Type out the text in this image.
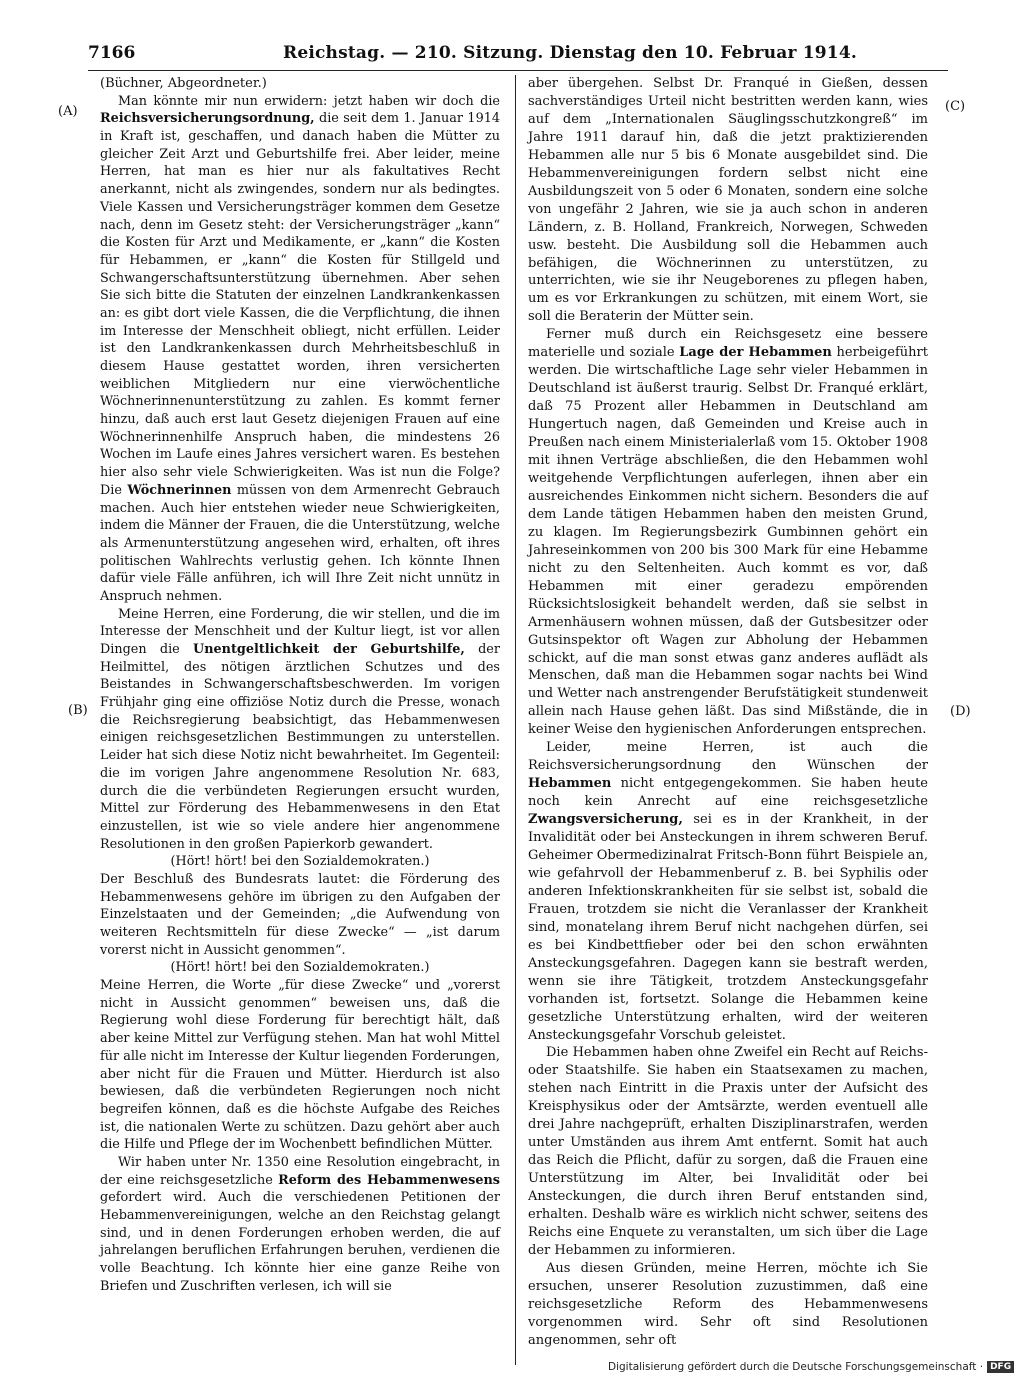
7166	Reichstag. — 210. Sitzung. Dienstag den 10. Februar 1914.
(A)
(B)
(C)
(D)

(Büchner, Abgeordneter.)

Man könnte mir nun erwidern: jetzt haben wir doch die Reichsversicherungsordnung, die seit dem 1. Januar 1914 in Kraft ist, geschaffen, und danach haben die Mütter zu gleicher Zeit Arzt und Geburtshilfe frei. Aber leider, meine Herren, hat man es hier nur als fakultatives Recht anerkannt, nicht als zwingendes, sondern nur als bedingtes. Viele Kassen und Versicherungsträger kommen dem Gesetze nach, denn im Gesetz steht: der Versicherungsträger „kann“ die Kosten für Arzt und Medikamente, er „kann“ die Kosten für Hebammen, er „kann“ die Kosten für Stillgeld und Schwangerschaftsunterstützung übernehmen. Aber sehen Sie sich bitte die Statuten der einzelnen Landkrankenkassen an: es gibt dort viele Kassen, die die Verpflichtung, die ihnen im Interesse der Menschheit obliegt, nicht erfüllen. Leider ist den Landkrankenkassen durch Mehrheitsbeschluß in diesem Hause gestattet worden, ihren versicherten weiblichen Mitgliedern nur eine vierwöchentliche Wöchnerinnenunterstützung zu zahlen. Es kommt ferner hinzu, daß auch erst laut Gesetz diejenigen Frauen auf eine Wöchnerinnenhilfe Anspruch haben, die mindestens 26 Wochen im Laufe eines Jahres versichert waren. Es bestehen hier also sehr viele Schwierigkeiten. Was ist nun die Folge? Die Wöchnerinnen müssen von dem Armenrecht Gebrauch machen. Auch hier entstehen wieder neue Schwierigkeiten, indem die Männer der Frauen, die die Unterstützung, welche als Armenunterstützung angesehen wird, erhalten, oft ihres politischen Wahlrechts verlustig gehen. Ich könnte Ihnen dafür viele Fälle anführen, ich will Ihre Zeit nicht unnütz in Anspruch nehmen.

Meine Herren, eine Forderung, die wir stellen, und die im Interesse der Menschheit und der Kultur liegt, ist vor allen Dingen die Unentgeltlichkeit der Geburtshilfe, der Heilmittel, des nötigen ärztlichen Schutzes und des Beistandes in Schwangerschaftsbeschwerden. Im vorigen Frühjahr ging eine offiziöse Notiz durch die Presse, wonach die Reichsregierung beabsichtigt, das Hebammenwesen einigen reichsgesetzlichen Bestimmungen zu unterstellen. Leider hat sich diese Notiz nicht bewahrheitet. Im Gegenteil: die im vorigen Jahre angenommene Resolution Nr. 683, durch die die verbündeten Regierungen ersucht wurden, Mittel zur Förderung des Hebammenwesens in den Etat einzustellen, ist wie so viele andere hier angenommene Resolutionen in den großen Papierkorb gewandert.

(Hört! hört! bei den Sozialdemokraten.)

Der Beschluß des Bundesrats lautet: die Förderung des Hebammenwesens gehöre im übrigen zu den Aufgaben der Einzelstaaten und der Gemeinden; „die Aufwendung von weiteren Rechtsmitteln für diese Zwecke“ — „ist darum vorerst nicht in Aussicht genommen“.

(Hört! hört! bei den Sozialdemokraten.)

Meine Herren, die Worte „für diese Zwecke“ und „vorerst nicht in Aussicht genommen“ beweisen uns, daß die Regierung wohl diese Forderung für berechtigt hält, daß aber keine Mittel zur Verfügung stehen. Man hat wohl Mittel für alle nicht im Interesse der Kultur liegenden Forderungen, aber nicht für die Frauen und Mütter. Hierdurch ist also bewiesen, daß die verbündeten Regierungen noch nicht begreifen können, daß es die höchste Aufgabe des Reiches ist, die nationalen Werte zu schützen. Dazu gehört aber auch die Hilfe und Pflege der im Wochenbett befindlichen Mütter.

Wir haben unter Nr. 1350 eine Resolution eingebracht, in der eine reichsgesetzliche Reform des Hebammenwesens gefordert wird. Auch die verschiedenen Petitionen der Hebammenvereinigungen, welche an den Reichstag gelangt sind, und in denen Forderungen erhoben werden, die auf jahrelangen beruflichen Erfahrungen beruhen, verdienen die volle Beachtung. Ich könnte hier eine ganze Reihe von Briefen und Zuschriften verlesen, ich will sie

aber übergehen. Selbst Dr. Franqué in Gießen, dessen sachverständiges Urteil nicht bestritten werden kann, wies auf dem „Internationalen Säuglingsschutzkongreß“ im Jahre 1911 darauf hin, daß die jetzt praktizierenden Hebammen alle nur 5 bis 6 Monate ausgebildet sind. Die Hebammenvereinigungen fordern selbst nicht eine Ausbildungszeit von 5 oder 6 Monaten, sondern eine solche von ungefähr 2 Jahren, wie sie ja auch schon in anderen Ländern, z. B. Holland, Frankreich, Norwegen, Schweden usw. besteht. Die Ausbildung soll die Hebammen auch befähigen, die Wöchnerinnen zu unterstützen, zu unterrichten, wie sie ihr Neugeborenes zu pflegen haben, um es vor Erkrankungen zu schützen, mit einem Wort, sie soll die Beraterin der Mütter sein.

Ferner muß durch ein Reichsgesetz eine bessere materielle und soziale Lage der Hebammen herbeigeführt werden. Die wirtschaftliche Lage sehr vieler Hebammen in Deutschland ist äußerst traurig. Selbst Dr. Franqué erklärt, daß 75 Prozent aller Hebammen in Deutschland am Hungertuch nagen, daß Gemeinden und Kreise auch in Preußen nach einem Ministerialerlaß vom 15. Oktober 1908 mit ihnen Verträge abschließen, die den Hebammen wohl weitgehende Verpflichtungen auferlegen, ihnen aber ein ausreichendes Einkommen nicht sichern. Besonders die auf dem Lande tätigen Hebammen haben den meisten Grund, zu klagen. Im Regierungsbezirk Gumbinnen gehört ein Jahreseinkommen von 200 bis 300 Mark für eine Hebamme nicht zu den Seltenheiten. Auch kommt es vor, daß Hebammen mit einer geradezu empörenden Rücksichtslosigkeit behandelt werden, daß sie selbst in Armenhäusern wohnen müssen, daß der Gutsbesitzer oder Gutsinspektor oft Wagen zur Abholung der Hebammen schickt, auf die man sonst etwas ganz anderes auflädt als Menschen, daß man die Hebammen sogar nachts bei Wind und Wetter nach anstrengender Berufstätigkeit stundenweit allein nach Hause gehen läßt. Das sind Mißstände, die in keiner Weise den hygienischen Anforderungen entsprechen.

Leider, meine Herren, ist auch die Reichsversicherungsordnung den Wünschen der Hebammen nicht entgegengekommen. Sie haben heute noch kein Anrecht auf eine reichsgesetzliche Zwangsversicherung, sei es in der Krankheit, in der Invalidität oder bei Ansteckungen in ihrem schweren Beruf. Geheimer Obermedizinalrat Fritsch-Bonn führt Beispiele an, wie gefahrvoll der Hebammenberuf z. B. bei Syphilis oder anderen Infektionskrankheiten für sie selbst ist, sobald die Frauen, trotzdem sie nicht die Veranlasser der Krankheit sind, monatelang ihrem Beruf nicht nachgehen dürfen, sei es bei Kindbettfieber oder bei den schon erwähnten Ansteckungsgefahren. Dagegen kann sie bestraft werden, wenn sie ihre Tätigkeit, trotzdem Ansteckungsgefahr vorhanden ist, fortsetzt. Solange die Hebammen keine gesetzliche Unterstützung erhalten, wird der weiteren Ansteckungsgefahr Vorschub geleistet.

Die Hebammen haben ohne Zweifel ein Recht auf Reichs- oder Staatshilfe. Sie haben ein Staatsexamen zu machen, stehen nach Eintritt in die Praxis unter der Aufsicht des Kreisphysikus oder der Amtsärzte, werden eventuell alle drei Jahre nachgeprüft, erhalten Disziplinarstrafen, werden unter Umständen aus ihrem Amt entfernt. Somit hat auch das Reich die Pflicht, dafür zu sorgen, daß die Frauen eine Unterstützung im Alter, bei Invalidität oder bei Ansteckungen, die durch ihren Beruf entstanden sind, erhalten. Deshalb wäre es wirklich nicht schwer, seitens des Reichs eine Enquete zu veranstalten, um sich über die Lage der Hebammen zu informieren.

Aus diesen Gründen, meine Herren, möchte ich Sie ersuchen, unserer Resolution zuzustimmen, daß eine reichsgesetzliche Reform des Hebammenwesens vorgenommen wird. Sehr oft sind Resolutionen angenommen, sehr oft

Digitalisierung gefördert durch die Deutsche Forschungsgemeinschaft · DFG
